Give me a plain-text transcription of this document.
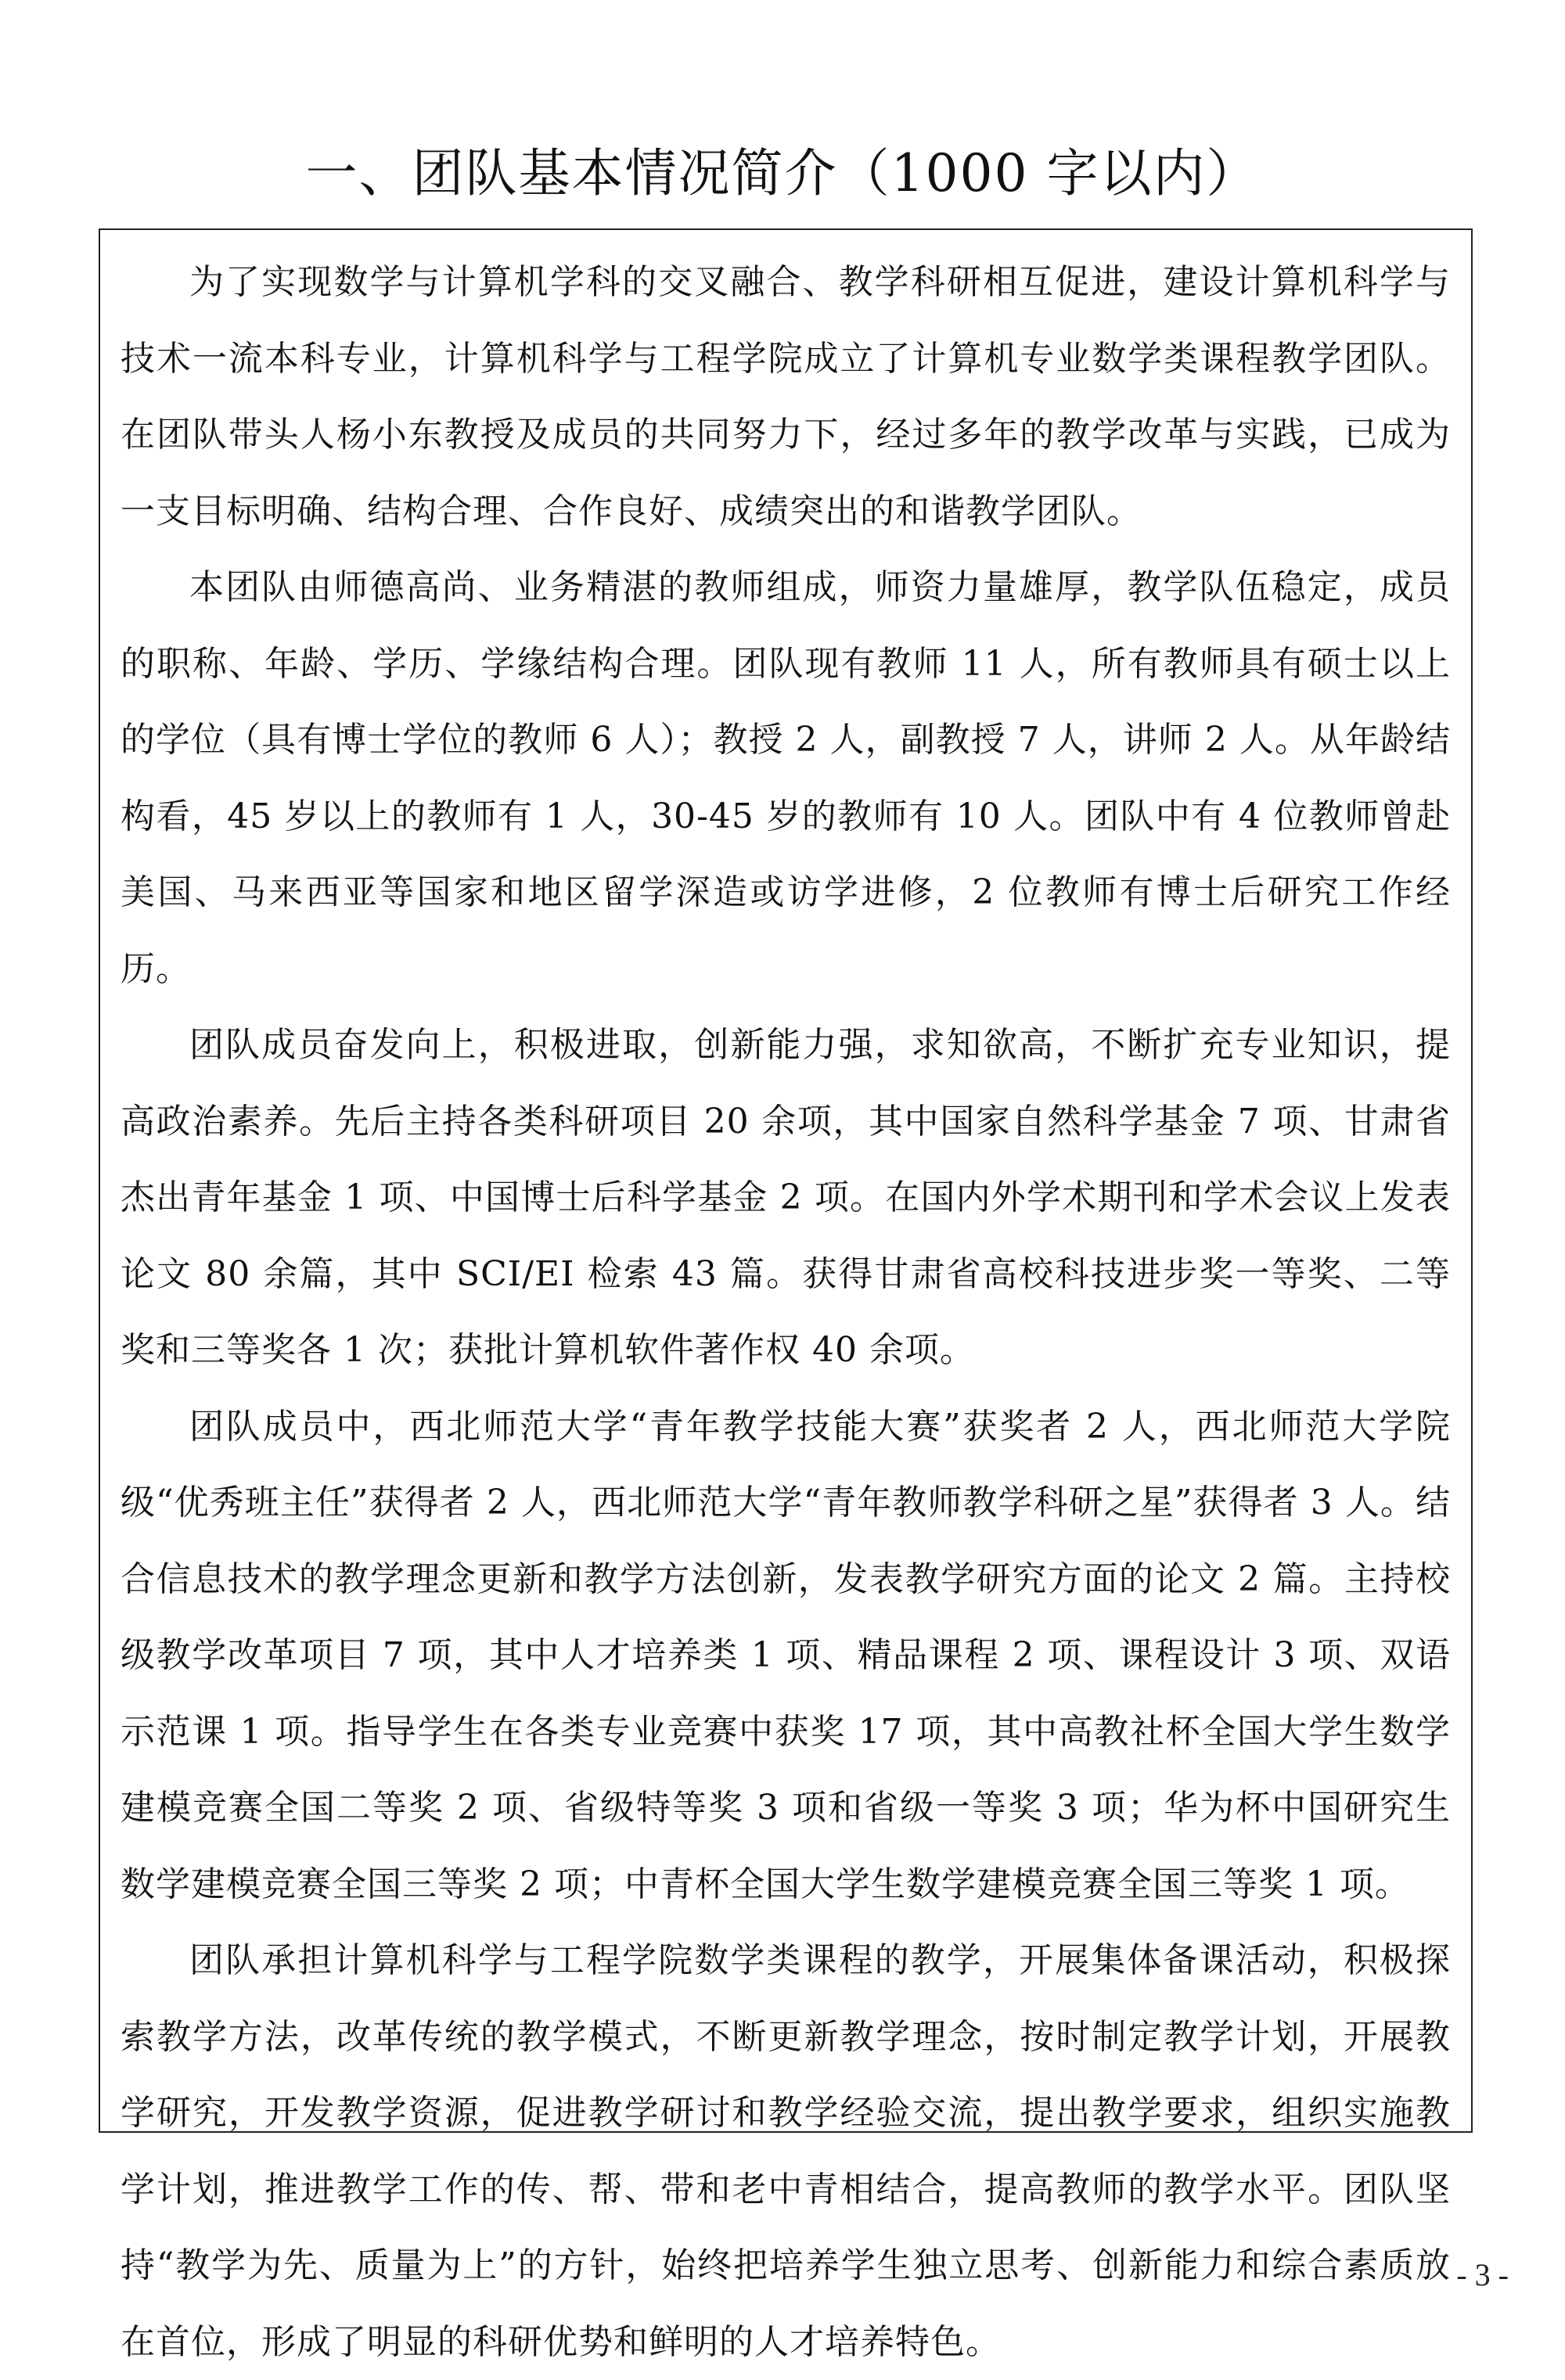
一、团队基本情况简介（1000 字以内）

为了实现数学与计算机学科的交叉融合、教学科研相互促进，建设计算机科学与技术一流本科专业，计算机科学与工程学院成立了计算机专业数学类课程教学团队。在团队带头人杨小东教授及成员的共同努力下，经过多年的教学改革与实践，已成为一支目标明确、结构合理、合作良好、成绩突出的和谐教学团队。

本团队由师德高尚、业务精湛的教师组成，师资力量雄厚，教学队伍稳定，成员的职称、年龄、学历、学缘结构合理。团队现有教师 11 人，所有教师具有硕士以上的学位（具有博士学位的教师 6 人）；教授 2 人，副教授 7 人，讲师 2 人。从年龄结构看，45 岁以上的教师有 1 人，30-45 岁的教师有 10 人。团队中有 4 位教师曾赴美国、马来西亚等国家和地区留学深造或访学进修，2 位教师有博士后研究工作经历。

团队成员奋发向上，积极进取，创新能力强，求知欲高，不断扩充专业知识，提高政治素养。先后主持各类科研项目 20 余项，其中国家自然科学基金 7 项、甘肃省杰出青年基金 1 项、中国博士后科学基金 2 项。在国内外学术期刊和学术会议上发表论文 80 余篇，其中 SCI/EI 检索 43 篇。获得甘肃省高校科技进步奖一等奖、二等奖和三等奖各 1 次；获批计算机软件著作权 40 余项。

团队成员中，西北师范大学“青年教学技能大赛”获奖者 2 人，西北师范大学院级“优秀班主任”获得者 2 人，西北师范大学“青年教师教学科研之星”获得者 3 人。结合信息技术的教学理念更新和教学方法创新，发表教学研究方面的论文 2 篇。主持校级教学改革项目 7 项，其中人才培养类 1 项、精品课程 2 项、课程设计 3 项、双语示范课 1 项。指导学生在各类专业竞赛中获奖 17 项，其中高教社杯全国大学生数学建模竞赛全国二等奖 2 项、省级特等奖 3 项和省级一等奖 3 项；华为杯中国研究生数学建模竞赛全国三等奖 2 项；中青杯全国大学生数学建模竞赛全国三等奖 1 项。

团队承担计算机科学与工程学院数学类课程的教学，开展集体备课活动，积极探索教学方法，改革传统的教学模式，不断更新教学理念，按时制定教学计划，开展教学研究，开发教学资源，促进教学研讨和教学经验交流，提出教学要求，组织实施教学计划，推进教学工作的传、帮、带和老中青相结合，提高教师的教学水平。团队坚持“教学为先、质量为上”的方针，始终把培养学生独立思考、创新能力和综合素质放在首位，形成了明显的科研优势和鲜明的人才培养特色。

- 3 -
